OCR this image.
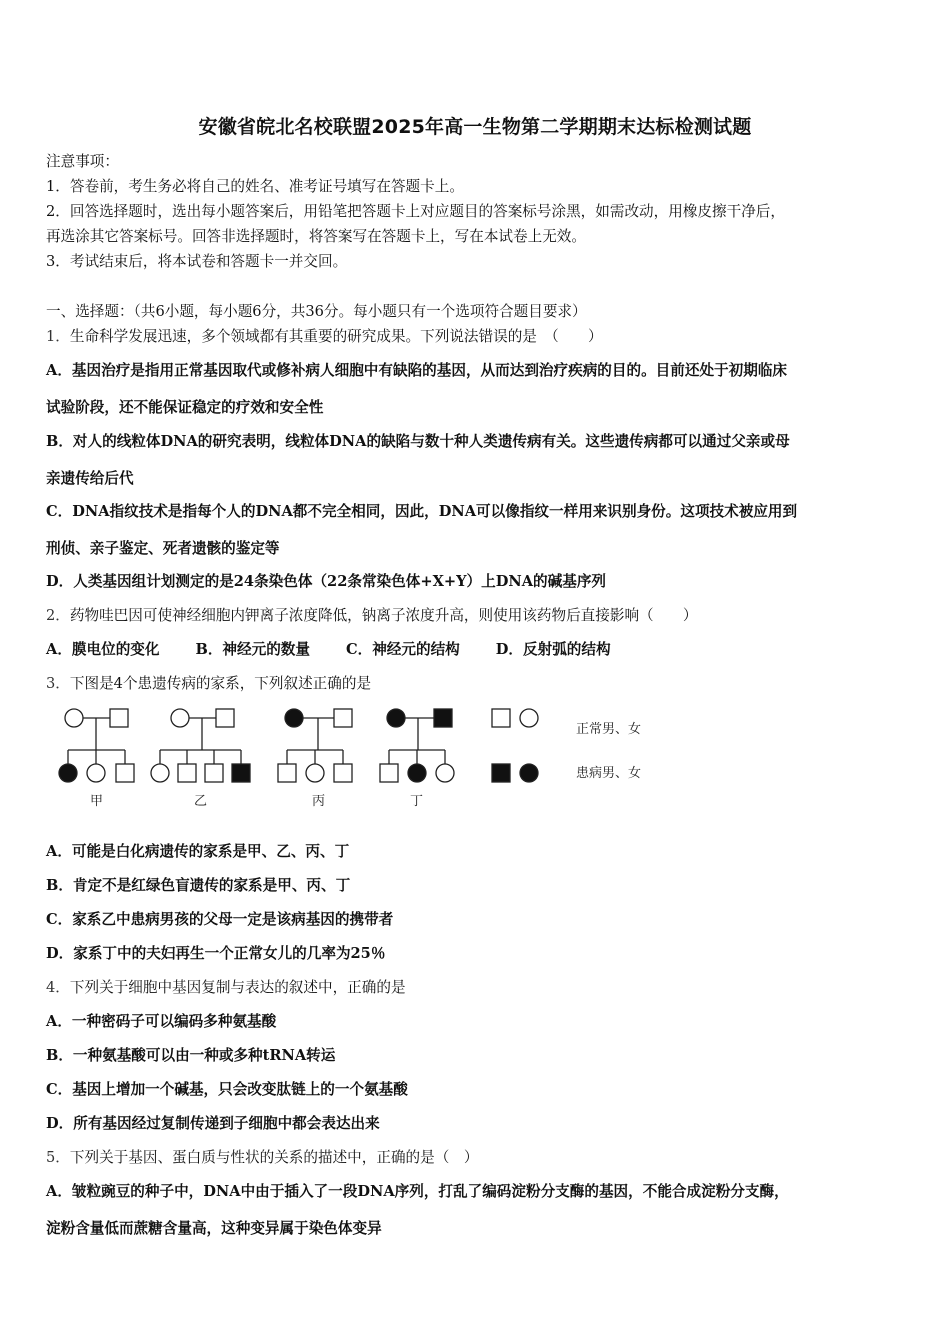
安徽省皖北名校联盟2025年高一生物第二学期期末达标检测试题
注意事项：
1．答卷前，考生务必将自己的姓名、准考证号填写在答题卡上。
2．回答选择题时，选出每小题答案后，用铅笔把答题卡上对应题目的答案标号涂黑，如需改动，用橡皮擦干净后，
再选涂其它答案标号。回答非选择题时，将答案写在答题卡上，写在本试卷上无效。
3．考试结束后，将本试卷和答题卡一并交回。
一、选择题：（共6小题，每小题6分，共36分。每小题只有一个选项符合题目要求）
1．生命科学发展迅速，多个领域都有其重要的研究成果。下列说法错误的是　（　　）
A．基因治疗是指用正常基因取代或修补病人细胞中有缺陷的基因，从而达到治疗疾病的目的。目前还处于初期临床
试验阶段，还不能保证稳定的疗效和安全性
B．对人的线粒体DNA的研究表明，线粒体DNA的缺陷与数十种人类遗传病有关。这些遗传病都可以通过父亲或母
亲遗传给后代
C．DNA指纹技术是指每个人的DNA都不完全相同，因此，DNA可以像指纹一样用来识别身份。这项技术被应用到
刑侦、亲子鉴定、死者遗骸的鉴定等
D．人类基因组计划测定的是24条染色体（22条常染色体+X+Y）上DNA的碱基序列
2．药物哇巴因可使神经细胞内钾离子浓度降低，钠离子浓度升高，则使用该药物后直接影响（　　）
A．膜电位的变化 B．神经元的数量 C．神经元的结构 D．反射弧的结构
3．下图是4个患遗传病的家系，下列叙述正确的是
正常男、女
患病男、女
甲	乙	丙	丁
A．可能是白化病遗传的家系是甲、乙、丙、丁
B．肯定不是红绿色盲遗传的家系是甲、丙、丁
C．家系乙中患病男孩的父母一定是该病基因的携带者
D．家系丁中的夫妇再生一个正常女儿的几率为25％
4．下列关于细胞中基因复制与表达的叙述中，正确的是
A．一种密码子可以编码多种氨基酸
B．一种氨基酸可以由一种或多种tRNA转运
C．基因上增加一个碱基，只会改变肽链上的一个氨基酸
D．所有基因经过复制传递到子细胞中都会表达出来
5．下列关于基因、蛋白质与性状的关系的描述中，正确的是（　）
A．皱粒豌豆的种子中，DNA中由于插入了一段DNA序列，打乱了编码淀粉分支酶的基因，不能合成淀粉分支酶，
淀粉含量低而蔗糖含量高，这种变异属于染色体变异
